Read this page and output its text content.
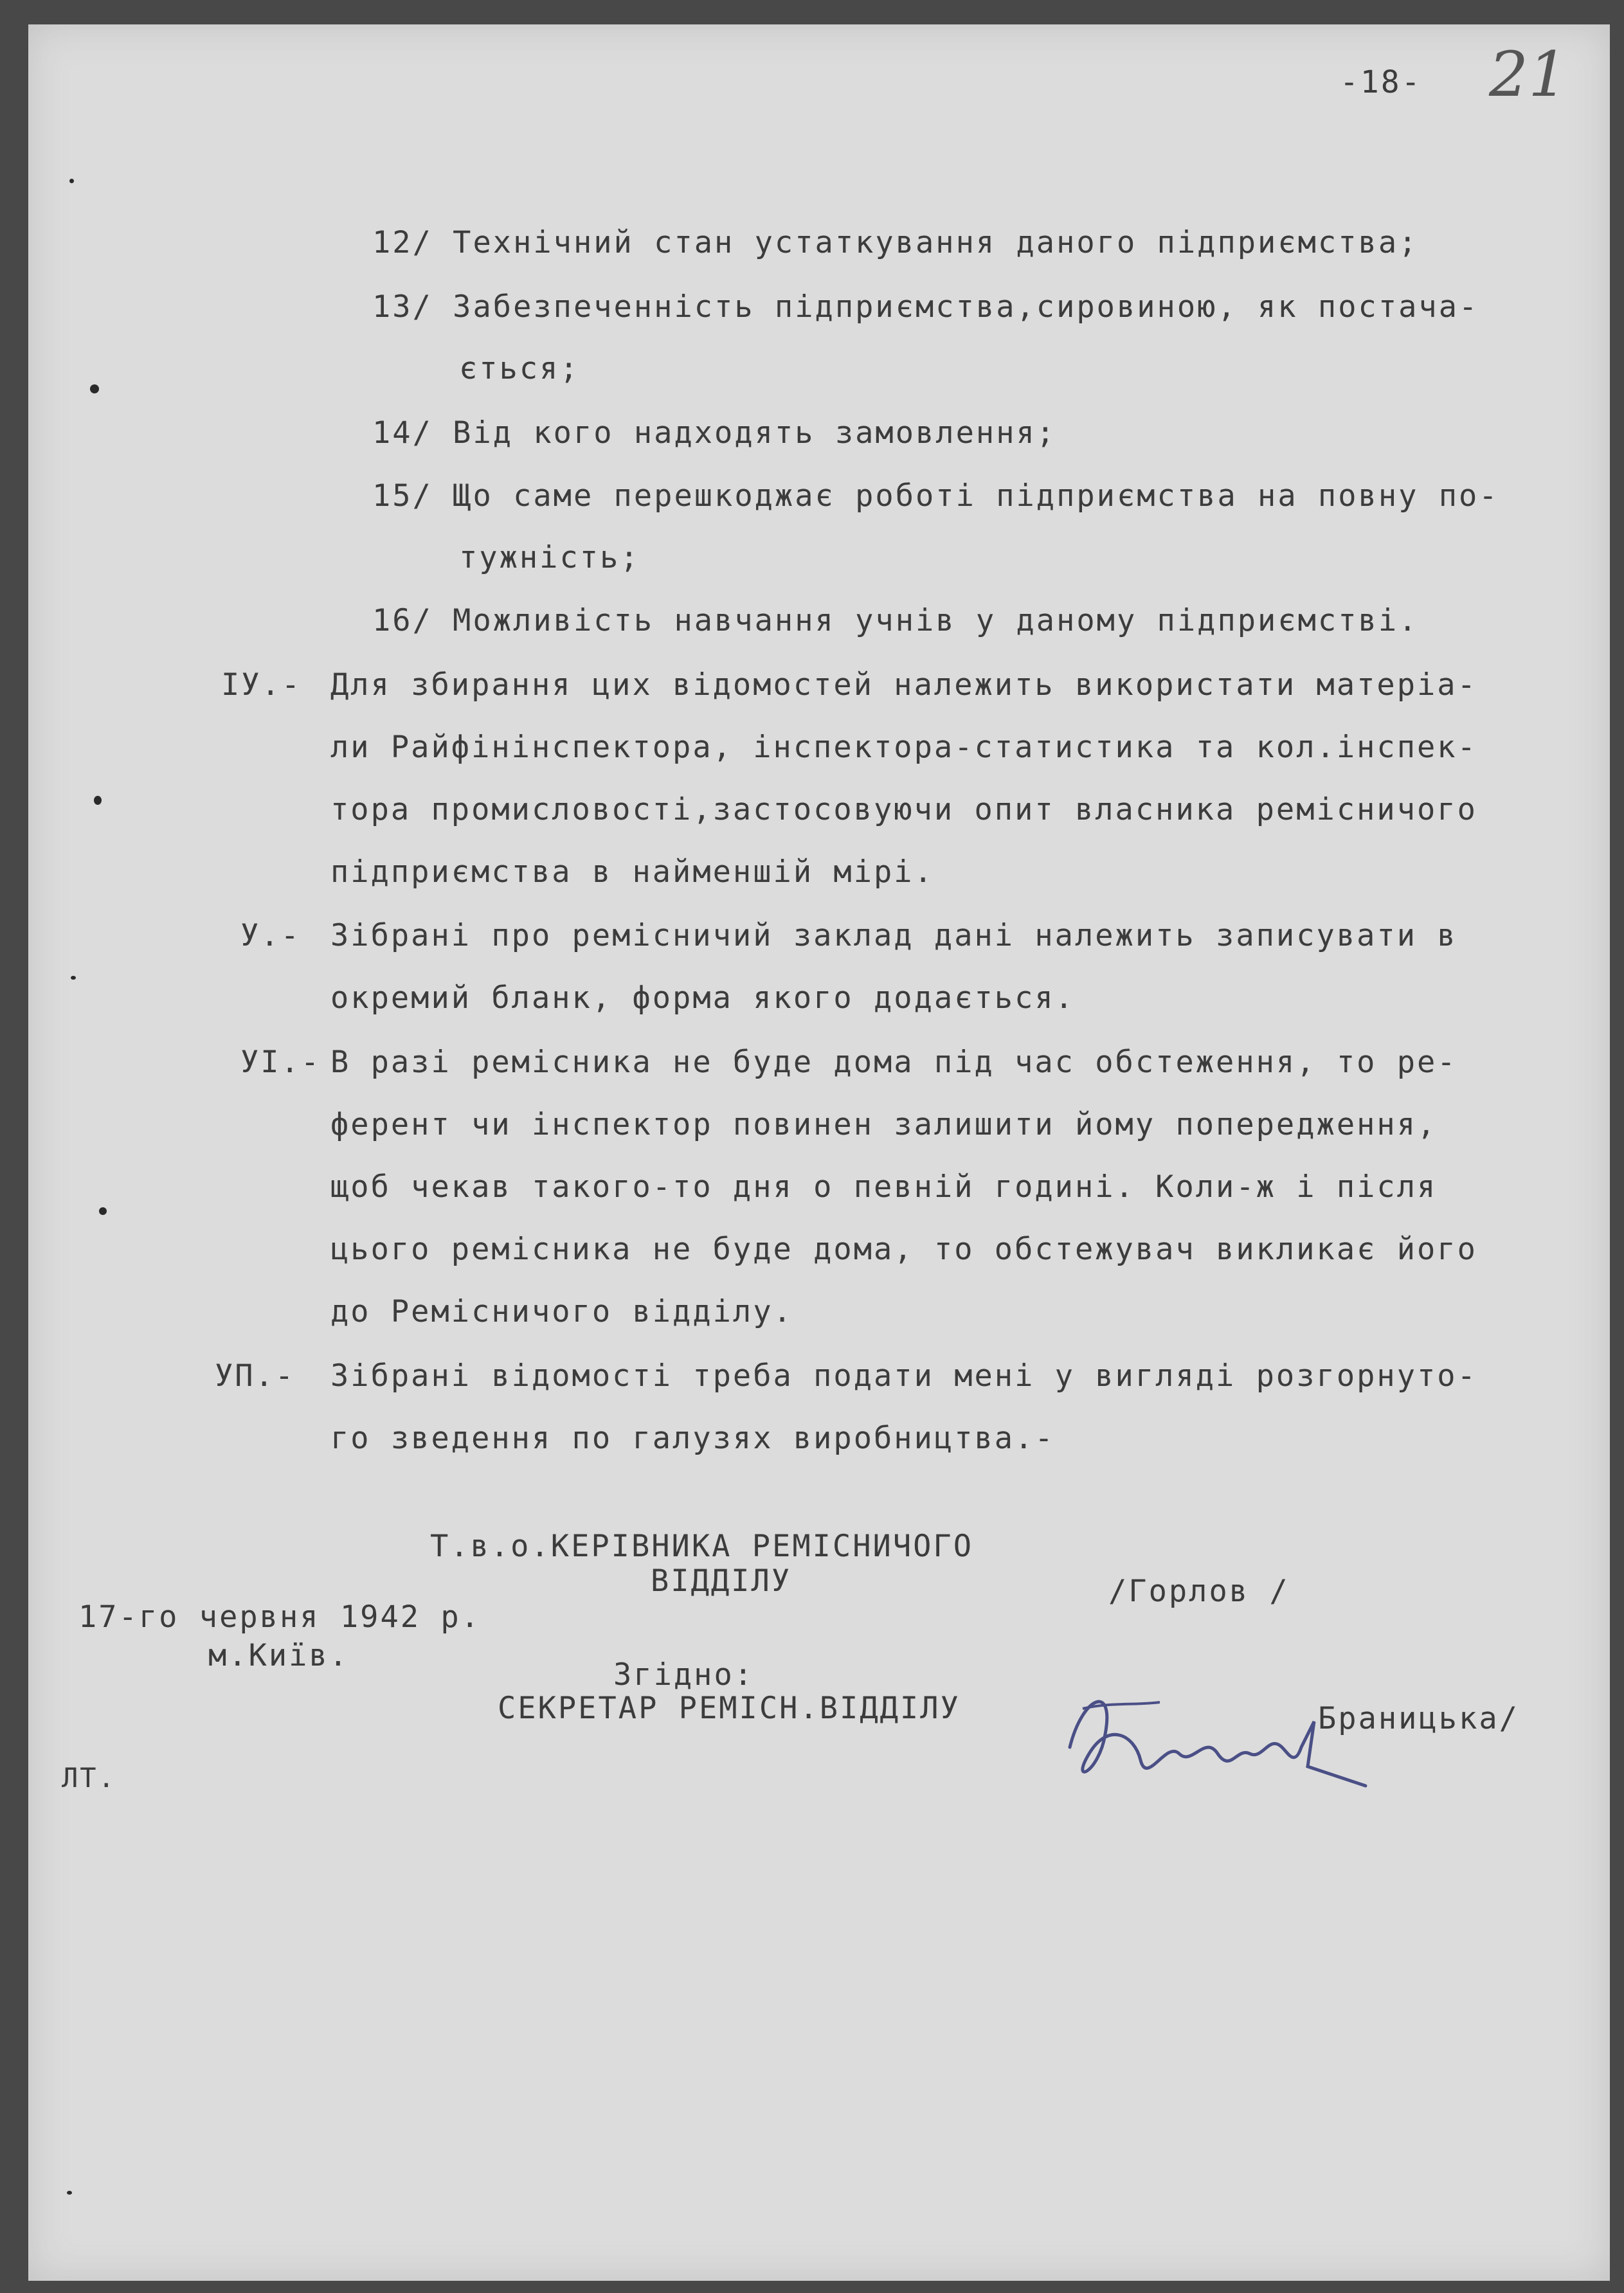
-18- 21
12/ Технічний стан устаткування даного підприємства;
13/ Забезпеченність підприємства,сировиною, як постача-
ється;
14/ Від кого надходять замовлення;
15/ Що саме перешкоджає роботі підприємства на повну по-
тужність;
16/ Можливість навчання учнів у даному підприємстві.
ІУ.- Для збирання цих відомостей належить використати матеріа-
ли Райфінінспектора, інспектора-статистика та кол.інспек-
тора промисловості,застосовуючи опит власника ремісничого
підприємства в найменшій мірі.
У.- Зібрані про ремісничий заклад дані належить записувати в
окремий бланк, форма якого додається.
УІ.- В разі ремісника не буде дома під час обстеження, то ре-
ферент чи інспектор повинен залишити йому попередження,
щоб чекав такого-то дня о певній годині. Коли-ж і після
цього ремісника не буде дома, то обстежувач викликає його
до Ремісничого відділу.
УП.- Зібрані відомості треба подати мені у вигляді розгорнуто-
го зведення по галузях виробництва.-
Т.в.о.КЕРІВНИКА РЕМІСНИЧОГО
ВІДДІЛУ	/Горлов /
17-го червня 1942 р.
м.Київ.
Згідно:
СЕКРЕТАР РЕМІСН.ВІДДІЛУ	Браницька/
ЛТ.
